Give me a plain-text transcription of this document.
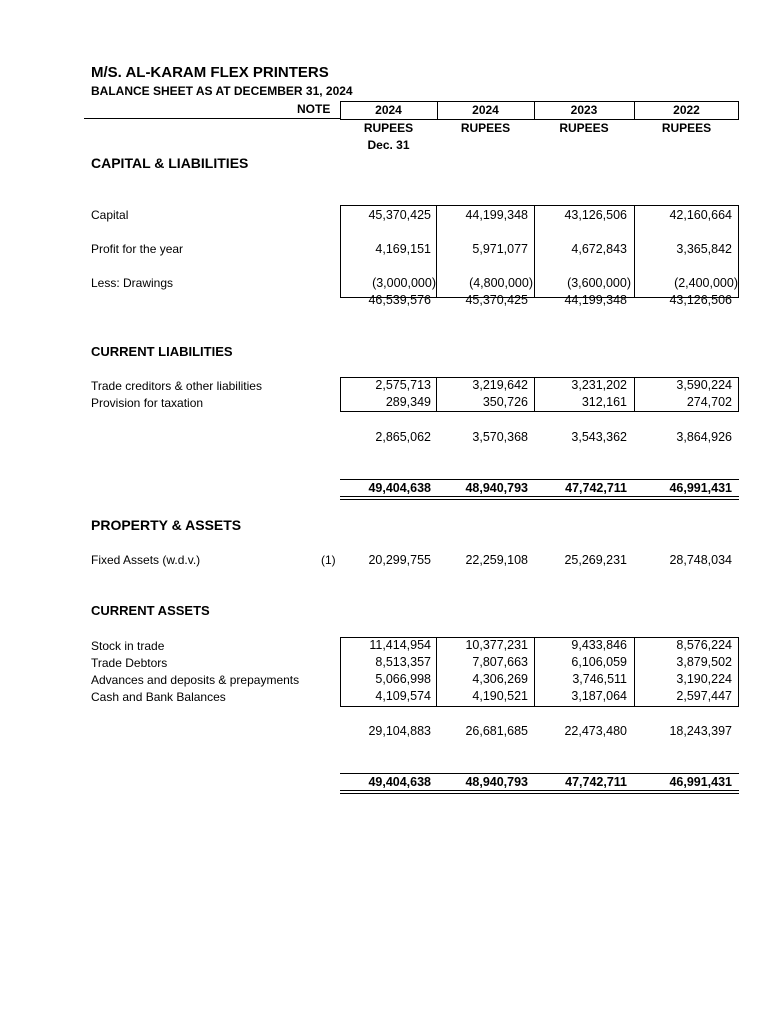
M/S. AL-KARAM FLEX PRINTERS
BALANCE SHEET AS AT DECEMBER 31, 2024
NOTE	2024	2024	2023	2022
RUPEES	RUPEES	RUPEES	RUPEES
Dec. 31
CAPITAL & LIABILITIES
Capital	45,370,425	44,199,348	43,126,506	42,160,664
Profit for the year	4,169,151	5,971,077	4,672,843	3,365,842
Less: Drawings	(3,000,000)	(4,800,000)	(3,600,000)	(2,400,000)
46,539,576	45,370,425	44,199,348	43,126,506
CURRENT LIABILITIES
Trade creditors & other liabilities	2,575,713	3,219,642	3,231,202	3,590,224
Provision for taxation	289,349	350,726	312,161	274,702
2,865,062	3,570,368	3,543,362	3,864,926
49,404,638	48,940,793	47,742,711	46,991,431
PROPERTY & ASSETS
Fixed Assets (w.d.v.)	(1)	20,299,755	22,259,108	25,269,231	28,748,034
CURRENT ASSETS
Stock in trade	11,414,954	10,377,231	9,433,846	8,576,224
Trade Debtors	8,513,357	7,807,663	6,106,059	3,879,502
Advances and deposits & prepayments	5,066,998	4,306,269	3,746,511	3,190,224
Cash and Bank Balances	4,109,574	4,190,521	3,187,064	2,597,447
29,104,883	26,681,685	22,473,480	18,243,397
49,404,638	48,940,793	47,742,711	46,991,431
